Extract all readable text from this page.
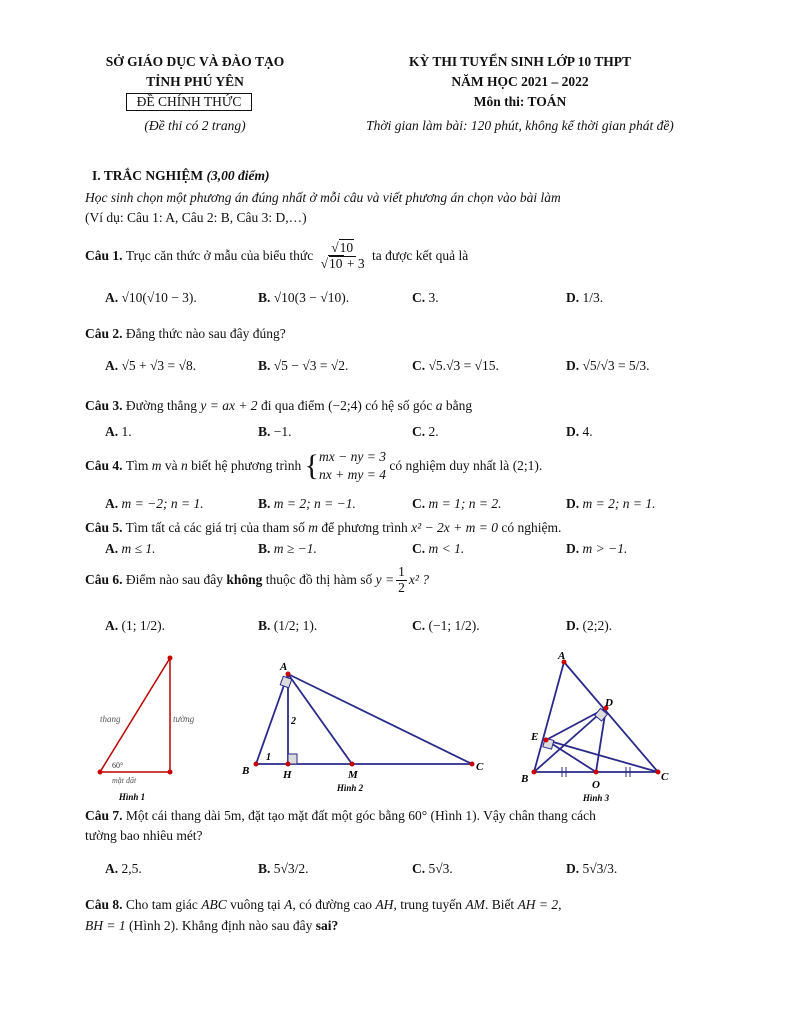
SỞ GIÁO DỤC VÀ ĐÀO TẠO
TỈNH PHÚ YÊN
ĐỀ CHÍNH THỨC
(Đề thi có 2 trang)
KỲ THI TUYỂN SINH LỚP 10 THPT
NĂM HỌC 2021 – 2022
Môn thi: TOÁN
Thời gian làm bài: 120 phút, không kể thời gian phát đề)
I. TRẮC NGHIỆM (3,00 điểm)
Học sinh chọn một phương án đúng nhất ở mỗi câu và viết phương án chọn vào bài làm
(Ví dụ: Câu 1: A, Câu 2: B, Câu 3: D,…)
Câu 1.
Trục căn thức ở mẫu của biểu thức
$\frac{√10}{√10 + 3}$
ta được kết quả là
A. √10(√10 − 3).	B. √10(3 − √10).	C. 3.	D. 1/3.
Câu 2. Đẳng thức nào sau đây đúng?
A. √5 + √3 = √8.	B. √5 − √3 = √2.	C. √5.√3 = √15.	D. √5/√3 = 5/3.
Câu 3. Đường thẳng y = ax + 2 đi qua điểm (−2;4) có hệ số góc a bằng
A. 1.	B. −1.	C. 2.	D. 4.
Câu 4.
Tìm
m
và
n
biết hệ phương trình
{ mx − ny = 3
nx + my = 4

có nghiệm duy nhất là
(2;1).
A. m = −2; n = 1.	B. m = 2; n = −1.	C. m = 1; n = 2.	D. m = 2; n = 1.
Câu 5. Tìm tất cả các giá trị của tham số m để phương trình x² − 2x + m = 0 có nghiệm.
A. m ≤ 1.	B. m ≥ −1.	C. m < 1.	D. m > −1.
Câu 6.
Điểm nào sau đây
không
thuộc đồ thị hàm số
$y = \frac{1}{2} x^2$ ?
A. (1; 1/2).	B. (1/2; 1).	C. (−1; 1/2).	D. (2;2).
thang	tường
60°
mặt đất
Hình 1
A
B	H	M
C
2
1
Hình 2
A
B	C
D
E
O
Hình 3
Câu 7. Một cái thang dài 5m, đặt tạo mặt đất một góc bằng 60° (Hình 1). Vậy chân thang cách
tường bao nhiêu mét?
A. 2,5.	B. 5√3/2.	C. 5√3.	D. 5√3/3.
Câu 8. Cho tam giác ABC vuông tại A, có đường cao AH, trung tuyến AM. Biết AH = 2,
BH = 1 (Hình 2). Khẳng định nào sau đây sai?
